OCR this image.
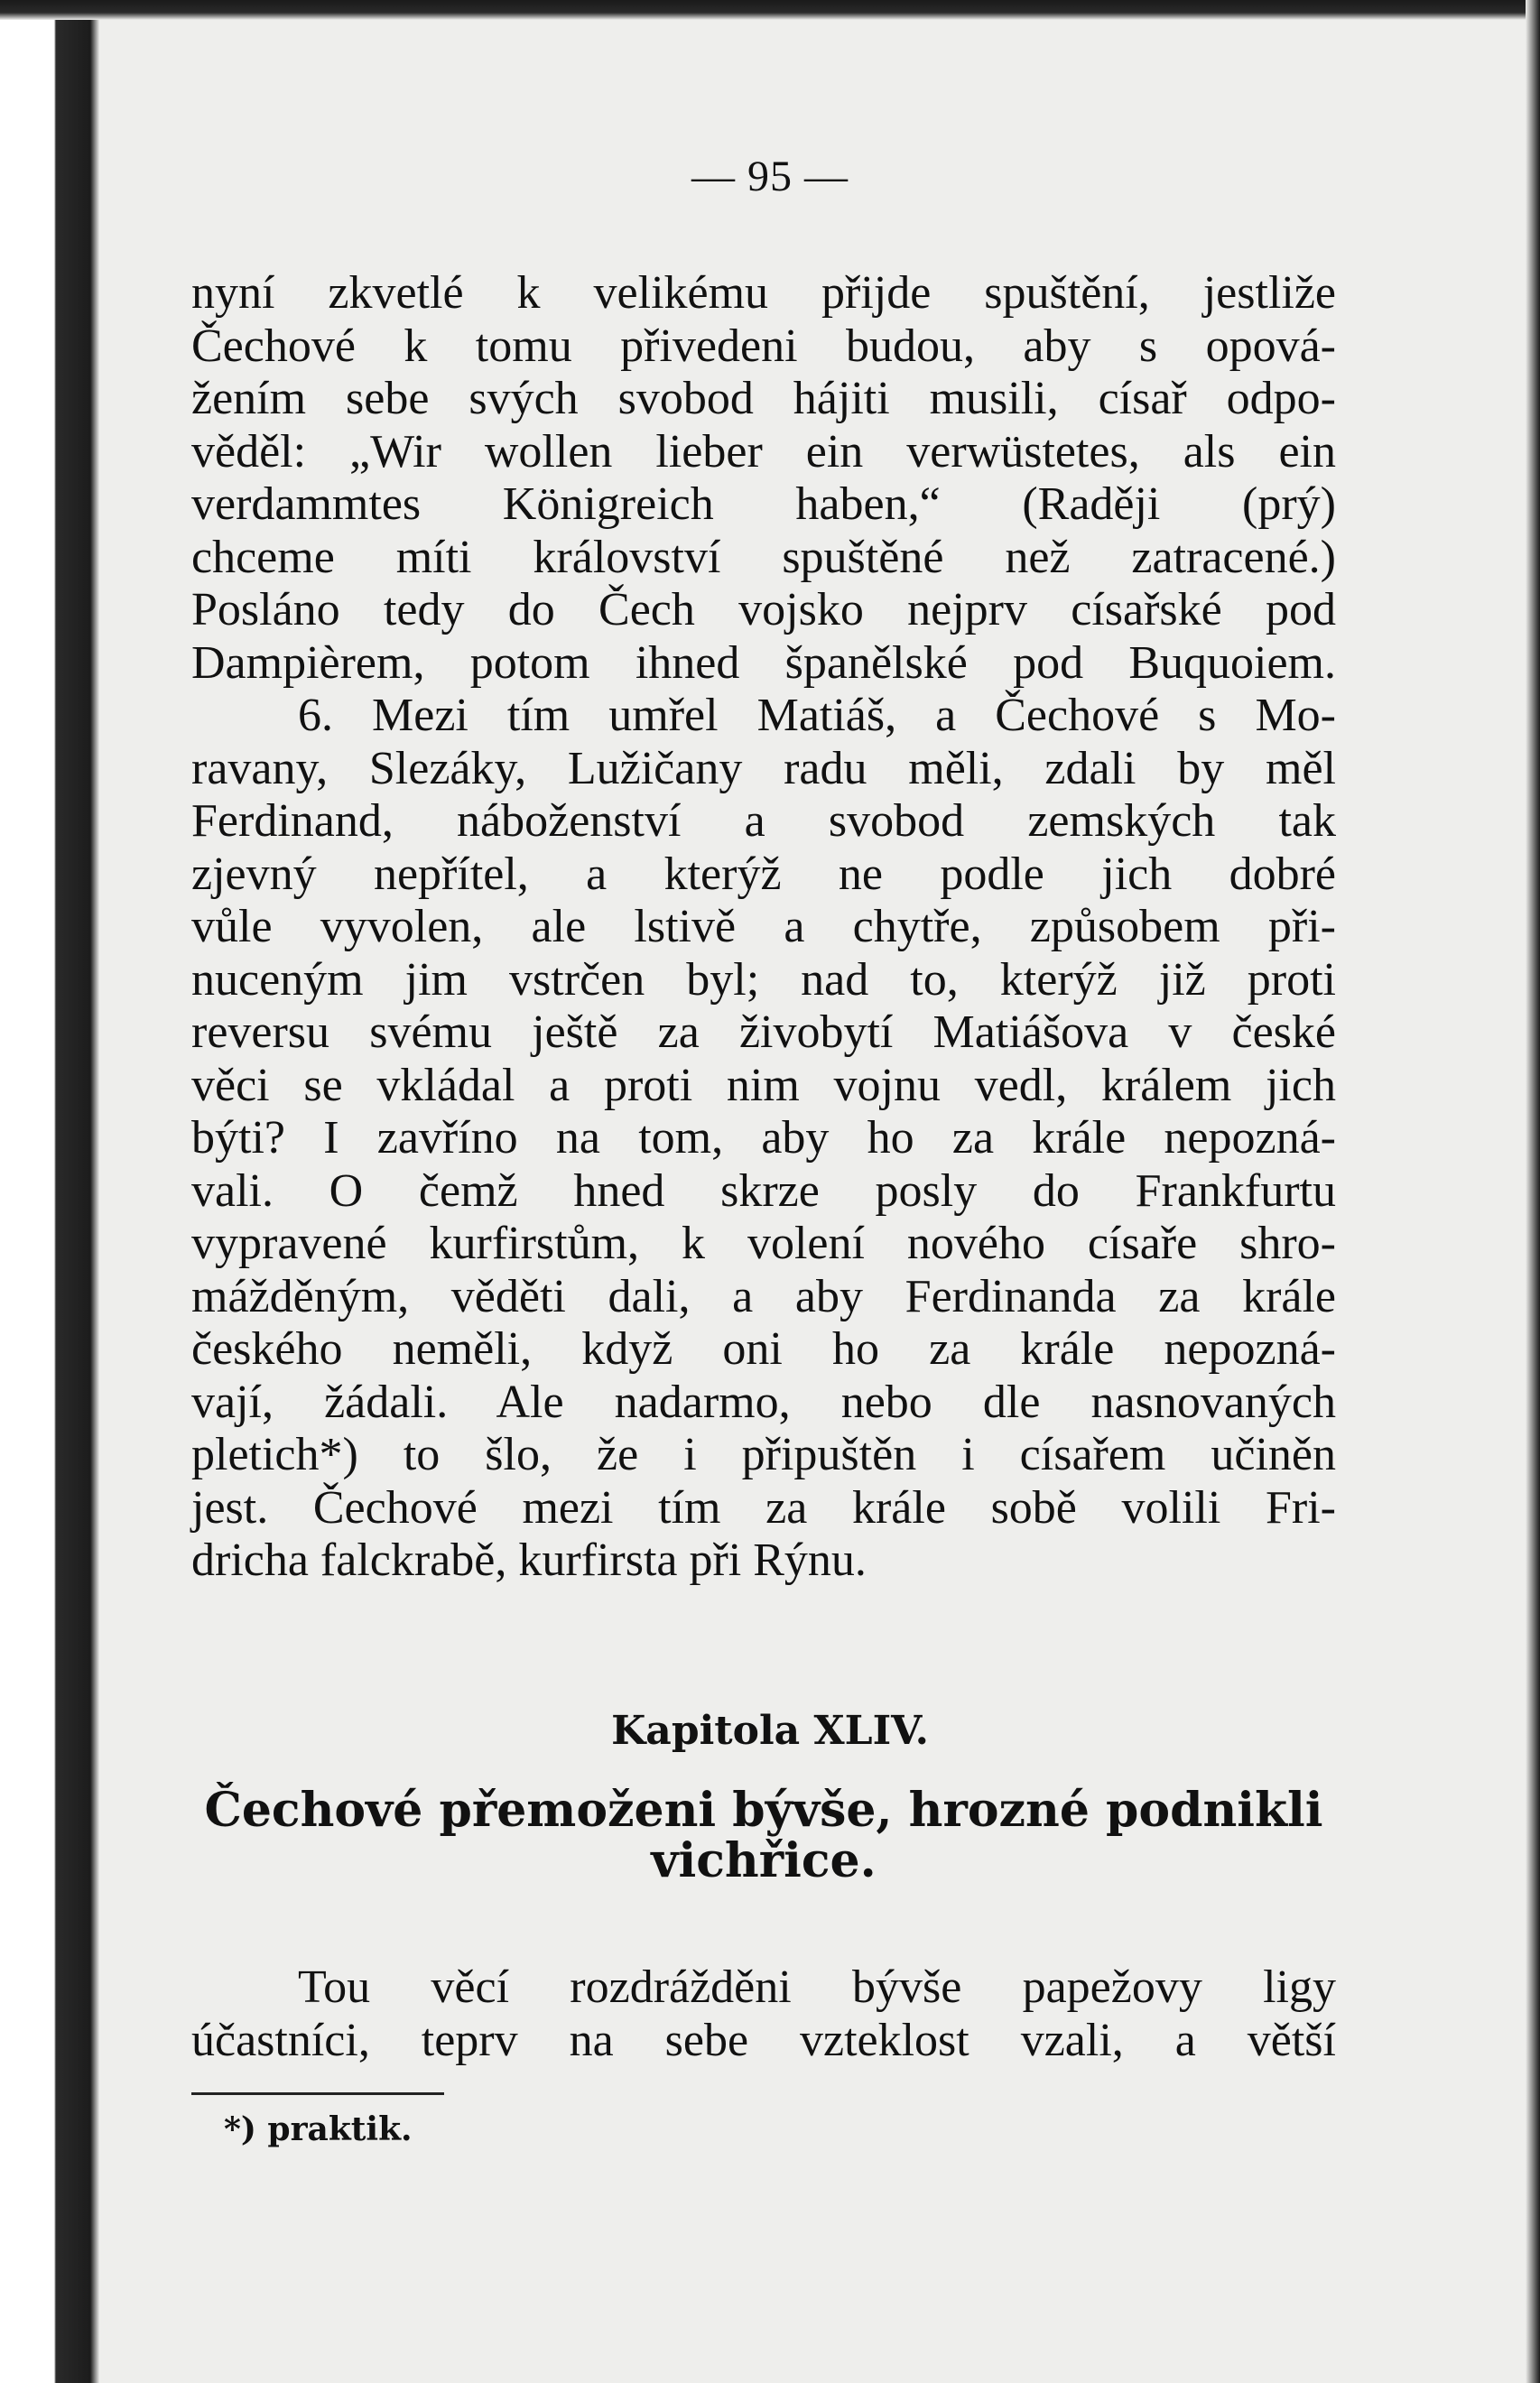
— 95 —
nyní zkvetlé k velikému přijde spuštění, jestliže
Čechové k tomu přivedeni budou, aby s opová-
žením sebe svých svobod hájiti musili, císař odpo-
věděl: „Wir wollen lieber ein verwüstetes, als ein
verdammtes Königreich haben,“ (Raději (prý)
chceme míti království spuštěné než zatracené.)
Posláno tedy do Čech vojsko nejprv císařské pod
Dampièrem, potom ihned španělské pod Buquoiem.
6. Mezi tím umřel Matiáš, a Čechové s Mo-
ravany, Slezáky, Lužičany radu měli, zdali by měl
Ferdinand, náboženství a svobod zemských tak
zjevný nepřítel, a kterýž ne podle jich dobré
vůle vyvolen, ale lstivě a chytře, způsobem při-
nuceným jim vstrčen byl; nad to, kterýž již proti
reversu svému ještě za živobytí Matiášova v české
věci se vkládal a proti nim vojnu vedl, králem jich
býti? I zavříno na tom, aby ho za krále nepozná-
vali. O čemž hned skrze posly do Frankfurtu
vypravené kurfirstům, k volení nového císaře shro-
mážděným, věděti dali, a aby Ferdinanda za krále
českého neměli, když oni ho za krále nepozná-
vají, žádali. Ale nadarmo, nebo dle nasnovaných
pletich*) to šlo, že i připuštěn i císařem učiněn
jest. Čechové mezi tím za krále sobě volili Fri-
dricha falckrabě, kurfirsta při Rýnu.
Kapitola XLIV.
Čechové přemoženi bývše, hrozné podnikli
vichřice.
Tou věcí rozdrážděni bývše papežovy ligy
účastníci, teprv na sebe vzteklost vzali, a větší
*) praktik.
